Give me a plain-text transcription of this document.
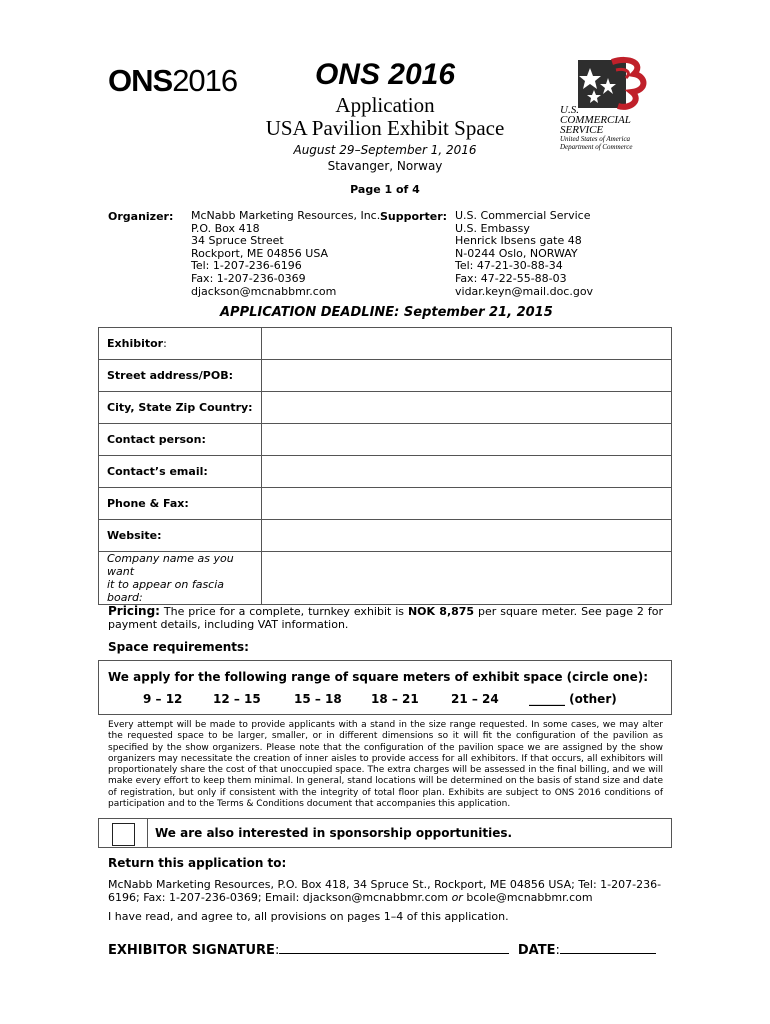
ONS2016	ONS 2016
Application
USA Pavilion Exhibit Space
August 29–September 1, 2016
Stavanger, Norway
Page 1 of 4
U.S.
COMMERCIAL
SERVICE
United States of America
Department of Commerce
Organizer: McNabb Marketing Resources, Inc.
P.O. Box 418
34 Spruce Street
Rockport, ME 04856 USA
Tel: 1-207-236-6196
Fax: 1-207-236-0369
djackson@mcnabbmr.com
Supporter: U.S. Commercial Service
U.S. Embassy
Henrick Ibsens gate 48
N-0244 Oslo, NORWAY
Tel: 47-21-30-88-34
Fax: 47-22-55-88-03
vidar.keyn@mail.doc.gov
APPLICATION DEADLINE: September 21, 2015
Exhibitor:	
Street address/POB:	
City, State Zip Country:	
Contact person:	
Contact’s email:	
Phone & Fax:	
Website:	

Company name as you want
it to appear on fascia board:	

Pricing: The price for a complete, turnkey exhibit is NOK 8,875 per square meter. See page 2 for payment details, including VAT information.
Space requirements:
We apply for the following range of square meters of exhibit space (circle one):
9 – 12	12 – 15	15 – 18 18 – 21	21 – 24	______ (other)
Every attempt will be made to provide applicants with a stand in the size range requested. In some cases, we may alter the requested space to be larger, smaller, or in different dimensions so it will fit the configuration of the pavilion as specified by the show organizers. Please note that the configuration of the pavilion space we are assigned by the show organizers may necessitate the creation of inner aisles to provide access for all exhibitors. If that occurs, all exhibitors will proportionately share the cost of that unoccupied space. The extra charges will be assessed in the final billing, and we will make every effort to keep them minimal. In general, stand locations will be determined on the basis of stand size and date of registration, but only if consistent with the integrity of total floor plan. Exhibits are subject to ONS 2016 conditions of participation and to the Terms & Conditions document that accompanies this application.
We are also interested in sponsorship opportunities.
Return this application to:
McNabb Marketing Resources, P.O. Box 418, 34 Spruce St., Rockport, ME 04856 USA; Tel: 1-207-236-6196; Fax: 1-207-236-0369; Email: djackson@mcnabbmr.com or bcole@mcnabbmr.com
I have read, and agree to, all provisions on pages 1–4 of this application.
EXHIBITOR SIGNATURE:	DATE:
